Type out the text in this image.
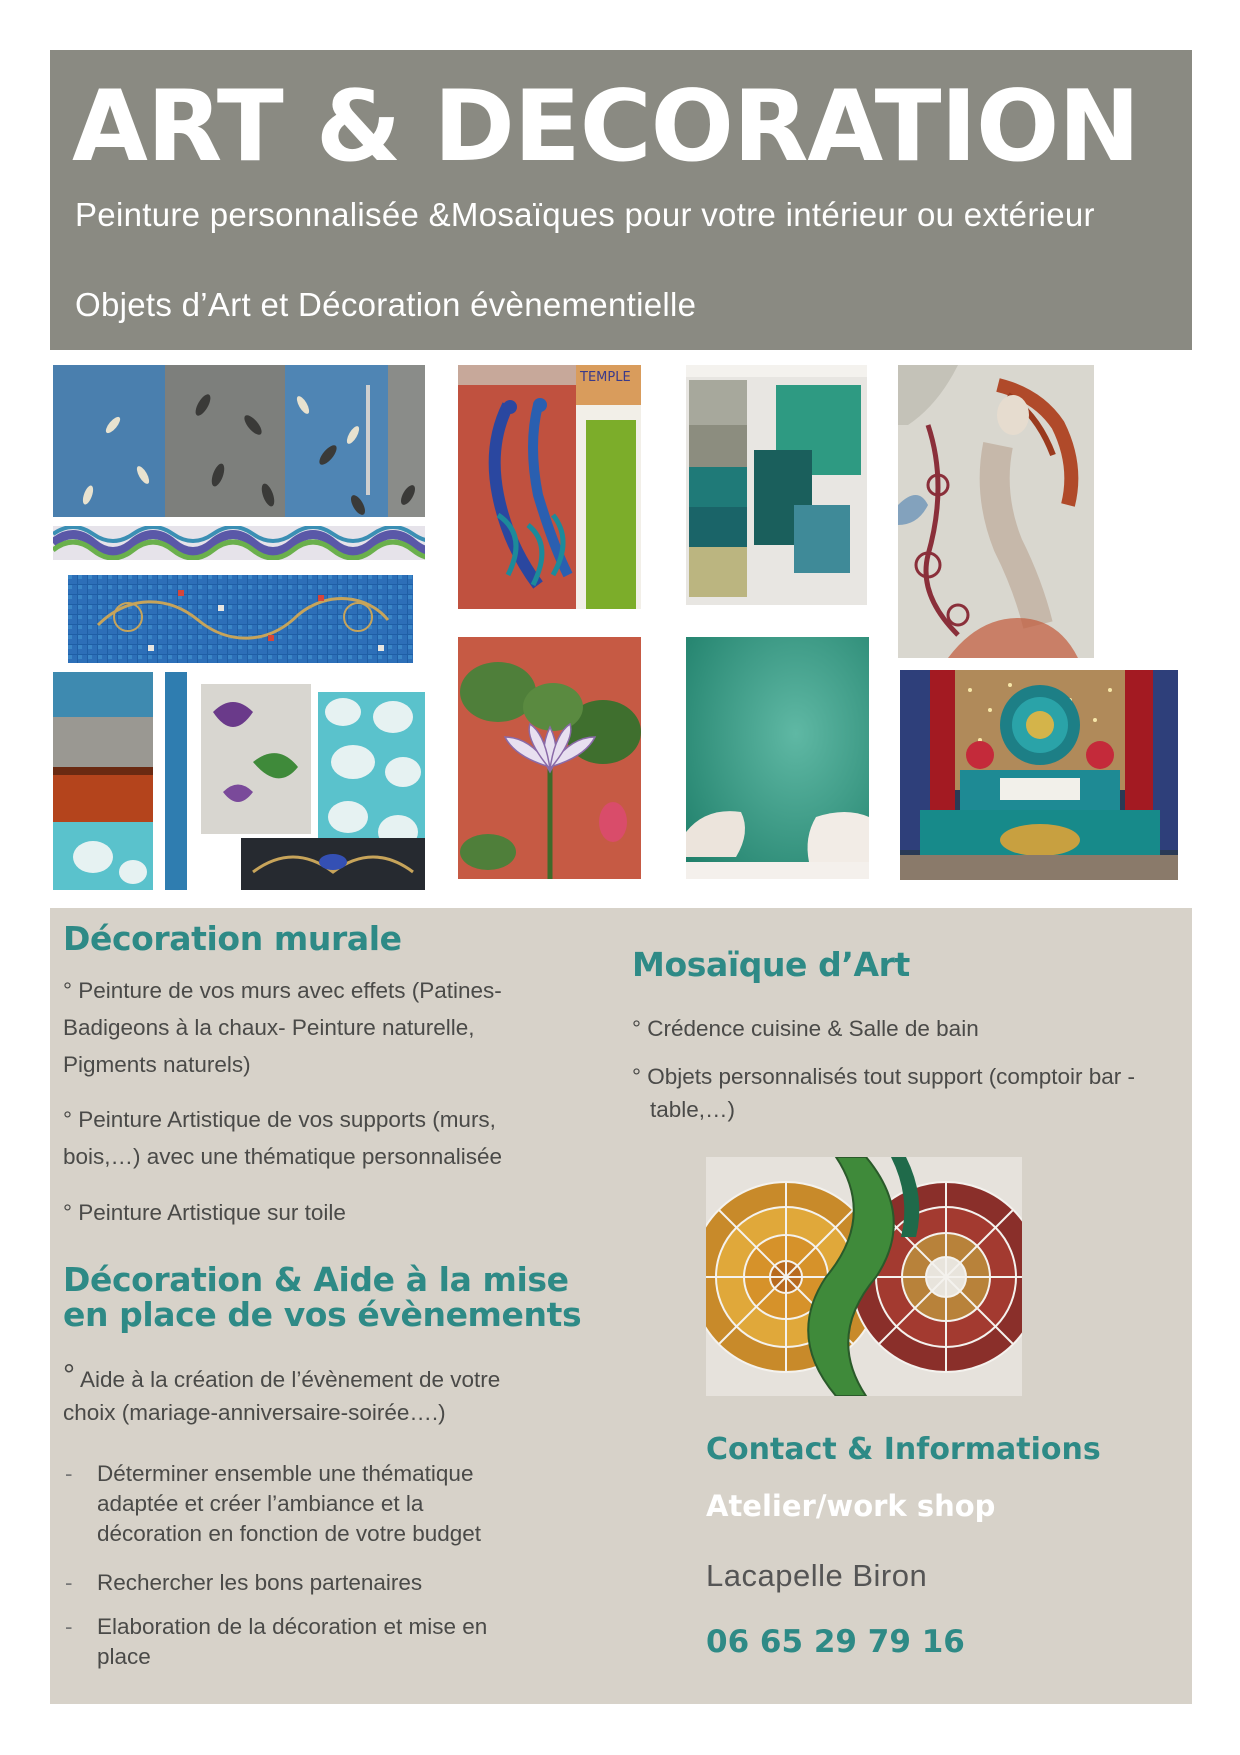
ART & DECORATION
Peinture personnalisée &Mosaïques pour votre intérieur ou extérieur
Objets d’Art et Décoration évènementielle
TEMPLE
Décoration murale
° Peinture de vos murs avec effets (Patines-Badigeons à la chaux- Peinture naturelle, Pigments naturels)
° Peinture Artistique de vos supports (murs, bois,…) avec une thématique personnalisée
° Peinture Artistique sur toile
Décoration & Aide à la mise
en place de vos évènements
° Aide à la création de l’évènement de votre choix (mariage-anniversaire-soirée….)
- Déterminer ensemble une thématique adaptée et créer l’ambiance et la décoration en fonction de votre budget
- Rechercher les bons partenaires
- Elaboration de la décoration et mise en place
Mosaïque d’Art
° Crédence cuisine & Salle de bain
° Objets personnalisés tout support (comptoir bar - table,…)
Contact & Informations
Atelier/work shop
Lacapelle Biron
06 65 29 79 16
